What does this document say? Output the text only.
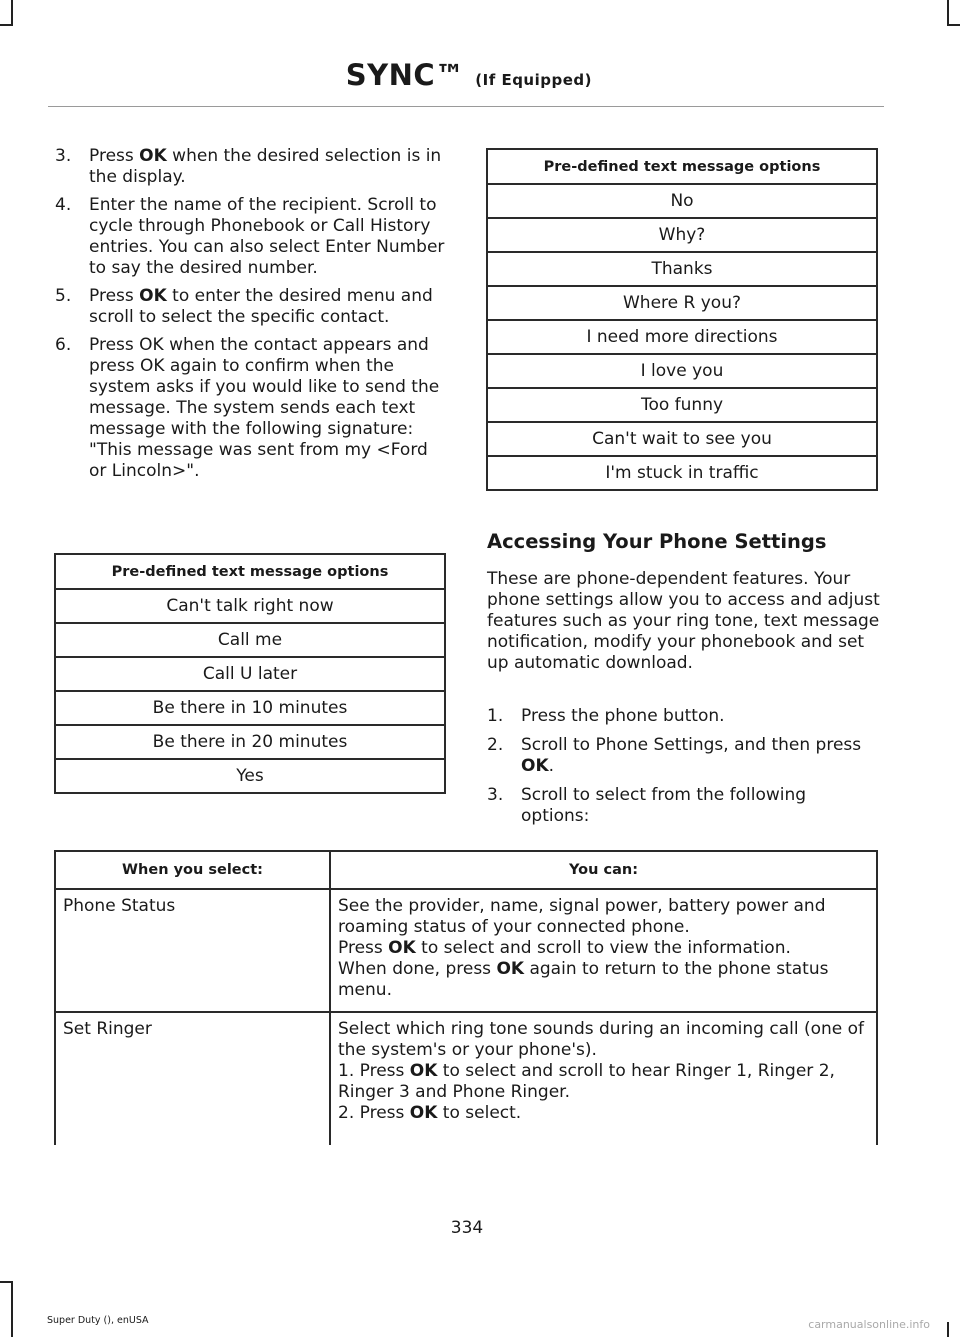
SYNC™ (If Equipped)
3.	Press OK when the desired selection is in the display.
4.	Enter the name of the recipient. Scroll to cycle through Phonebook or Call History entries. You can also select Enter Number to say the desired number.
5.	Press OK to enter the desired menu and scroll to select the specific contact.
6.	Press OK when the contact appears and press OK again to confirm when the system asks if you would like to send the message. The system sends each text message with the following signature: "This message was sent from my <Ford or Lincoln>".
Pre-defined text message options
Can't talk right now
Call me
Call U later
Be there in 10 minutes
Be there in 20 minutes
Yes
Pre-defined text message options
No
Why?
Thanks
Where R you?
I need more directions
I love you
Too funny
Can't wait to see you
I'm stuck in traffic
Accessing Your Phone Settings

These are phone-dependent features. Your phone settings allow you to access and adjust features such as your ring tone, text message notification, modify your phonebook and set up automatic download.

1.	Press the phone button.
2.	Scroll to Phone Settings, and then press OK.
3.	Scroll to select from the following options:
When you select:	You can:
Phone Status	See the provider, name, signal power, battery power and roaming status of your connected phone.
Press OK to select and scroll to view the information.
When done, press OK again to return to the phone status menu.

Set Ringer	Select which ring tone sounds during an incoming call (one of the system's or your phone's).
1. Press OK to select and scroll to hear Ringer 1, Ringer 2, Ringer 3 and Phone Ringer.
2. Press OK to select.
334
Super Duty (), enUSA	carmanualsonline.info
